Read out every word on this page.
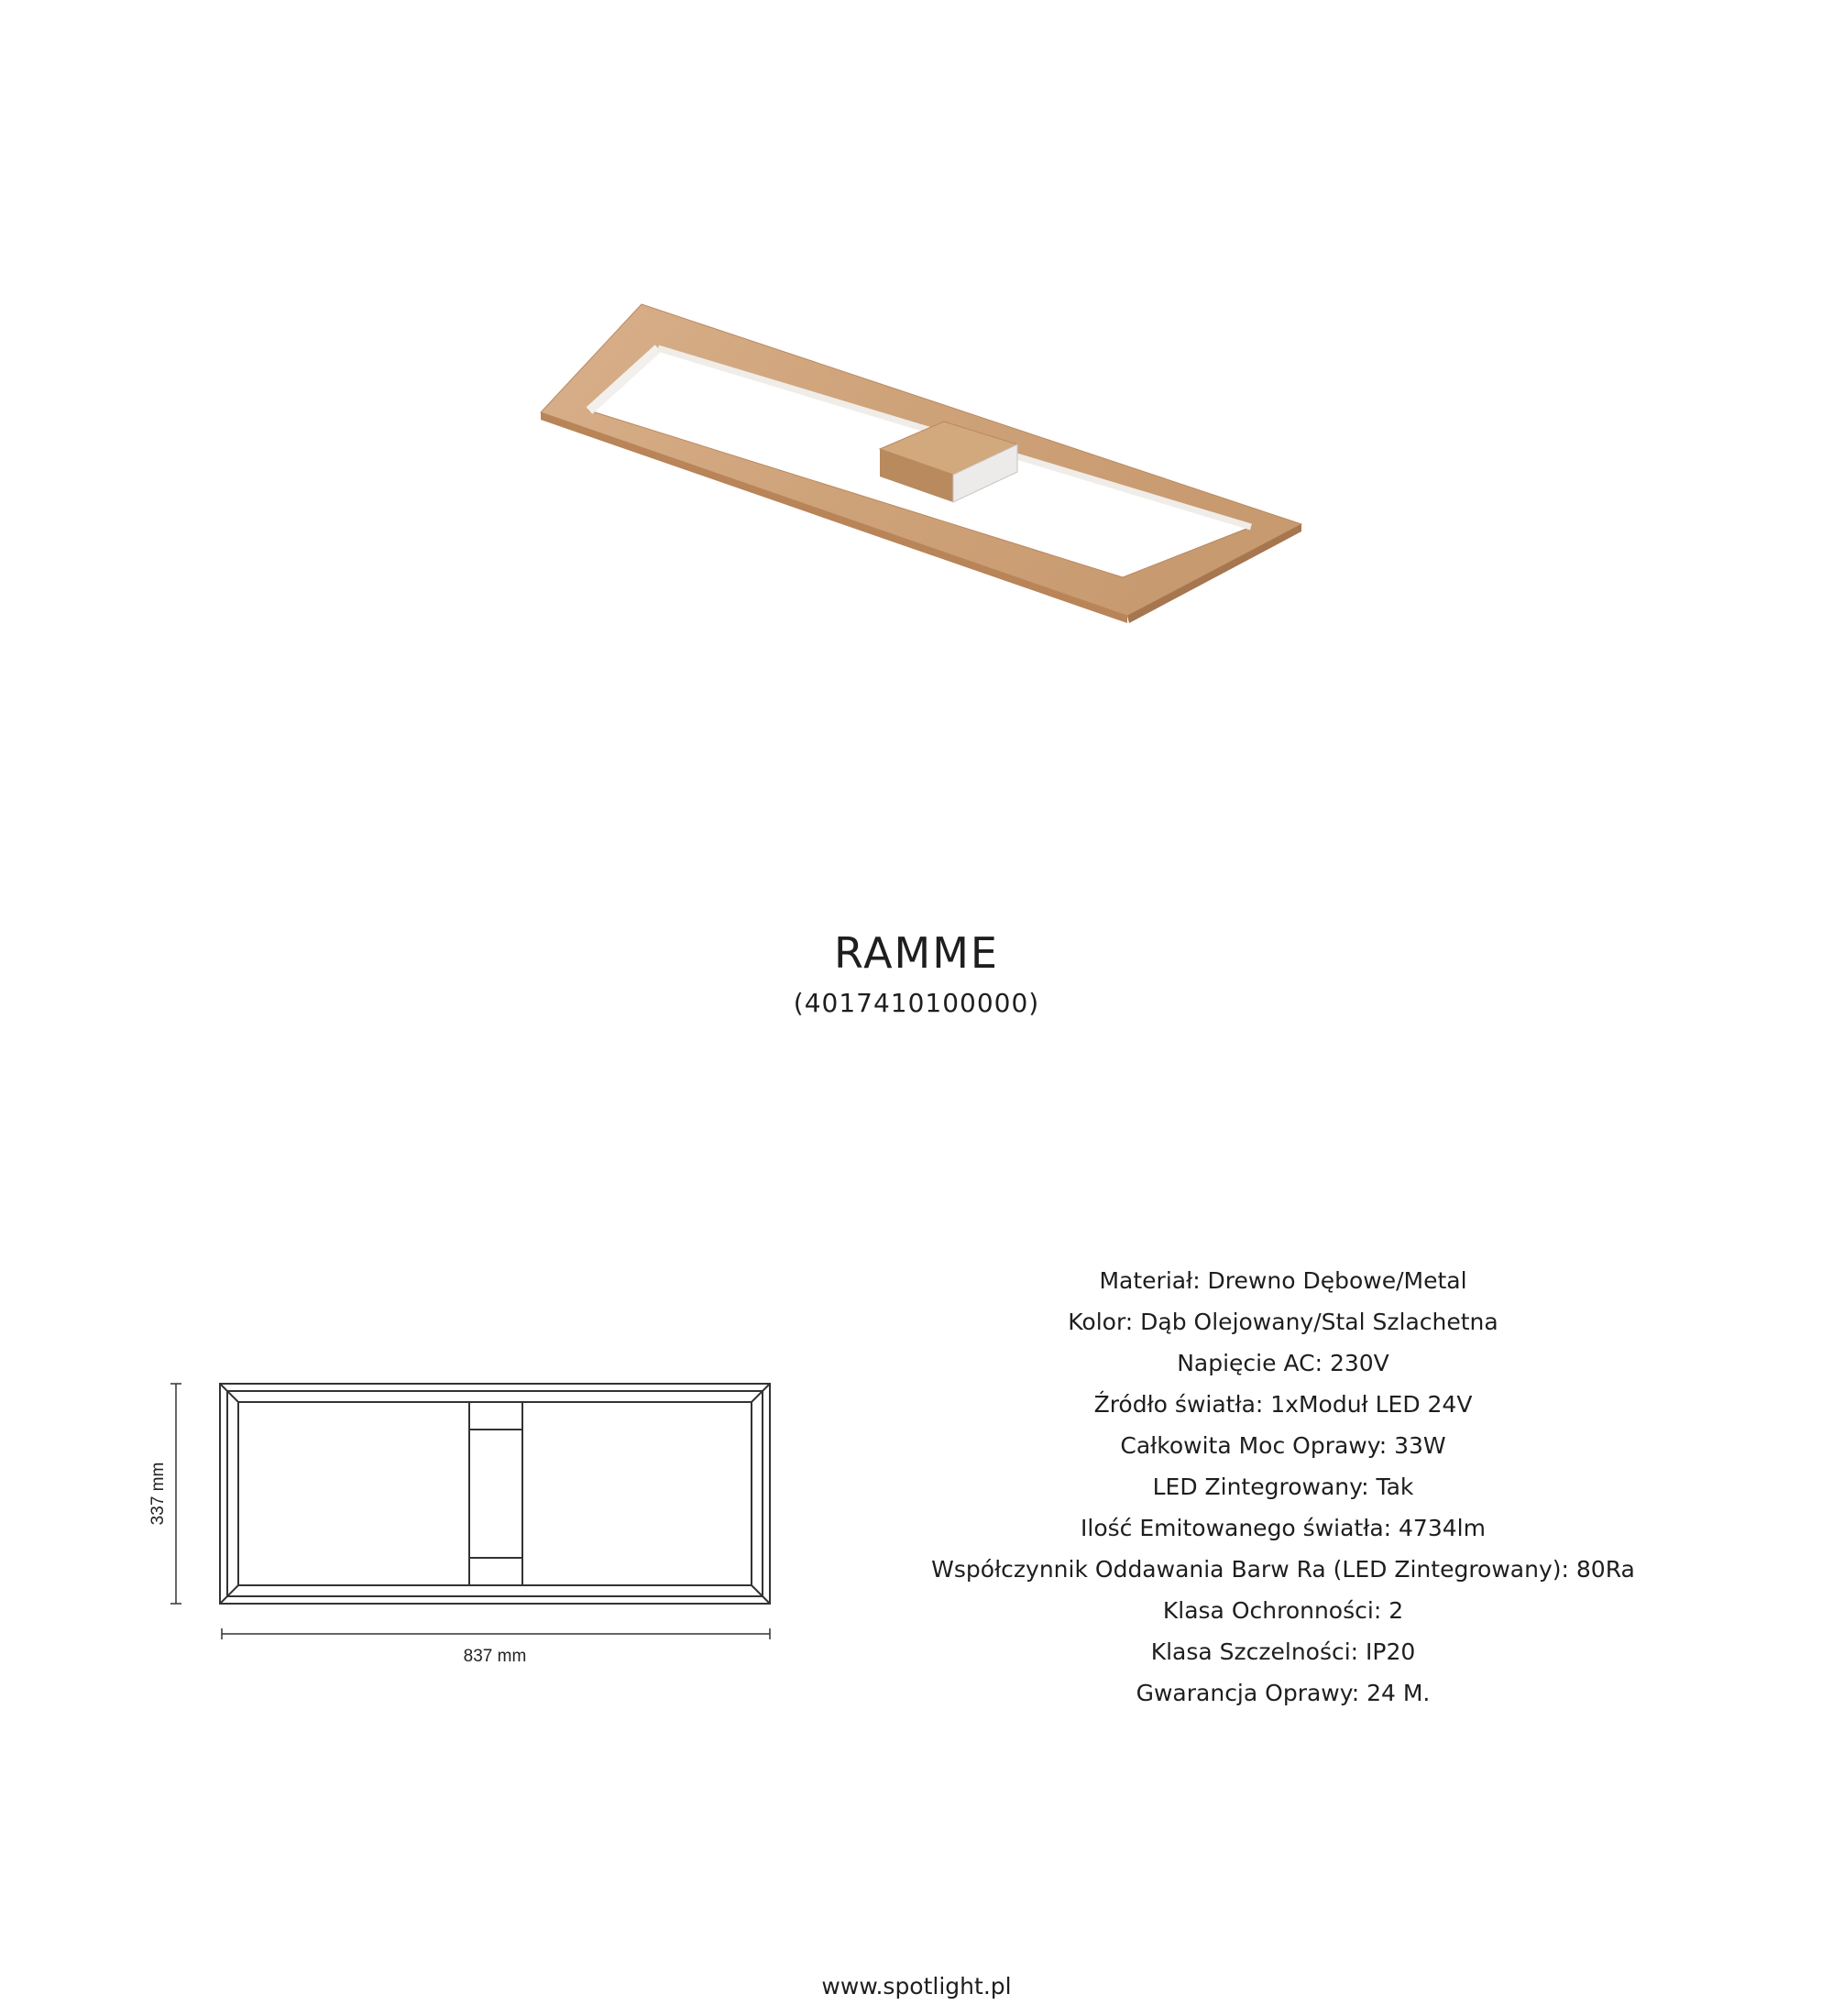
RAMME
(4017410100000)
337 mm
837 mm
Materiał: Drewno Dębowe/Metal
Kolor: Dąb Olejowany/Stal Szlachetna
Napięcie AC: 230V
Źródło światła: 1xModuł LED 24V
Całkowita Moc Oprawy: 33W
LED Zintegrowany: Tak
Ilość Emitowanego światła: 4734lm
Współczynnik Oddawania Barw Ra (LED Zintegrowany): 80Ra
Klasa Ochronności: 2
Klasa Szczelności: IP20
Gwarancja Oprawy: 24 M.
www.spotlight.pl
